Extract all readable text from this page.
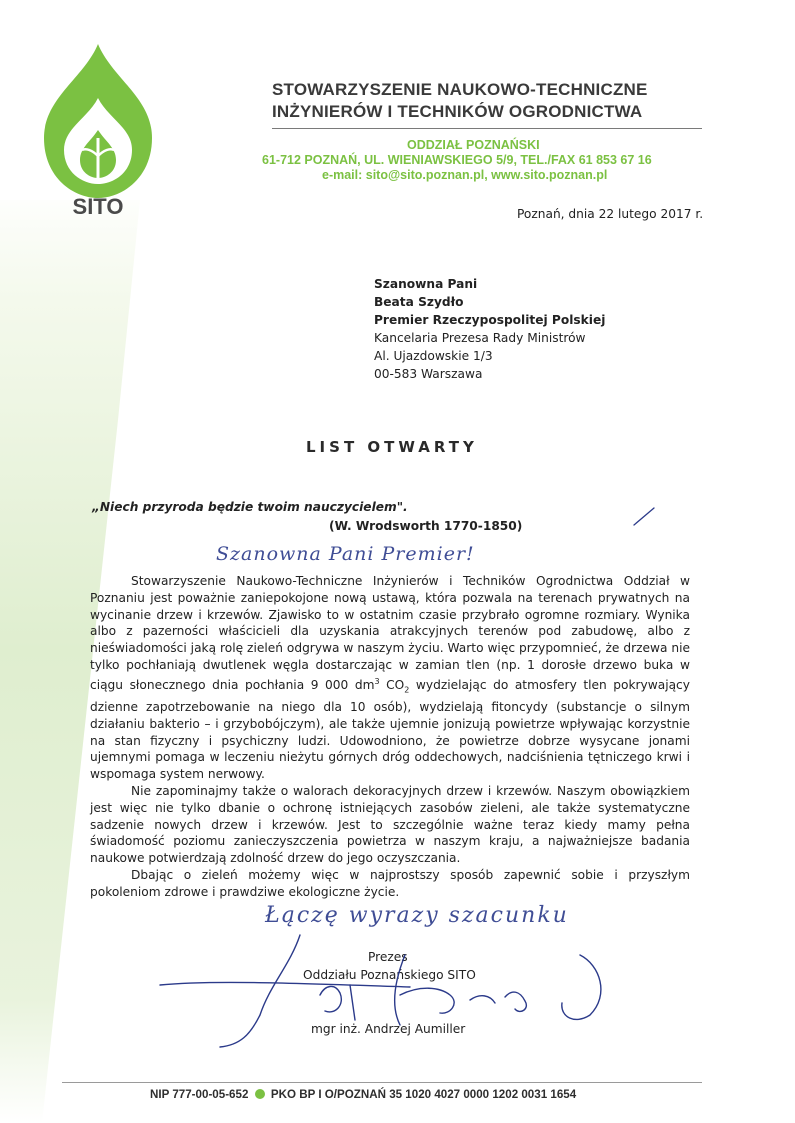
SITO
STOWARZYSZENIE NAUKOWO-TECHNICZNE
INŻYNIERÓW I TECHNIKÓW OGRODNICTWA
ODDZIAŁ POZNAŃSKI
61-712 POZNAŃ, UL. WIENIAWSKIEGO 5/9, TEL./FAX 61 853 67 16
e-mail: sito@sito.poznan.pl, www.sito.poznan.pl
Poznań, dnia 22 lutego 2017 r.
Szanowna Pani
Beata Szydło
Premier Rzeczypospolitej Polskiej
Kancelaria Prezesa Rady Ministrów
Al. Ujazdowskie 1/3
00-583 Warszawa
LIST OTWARTY
„Niech przyroda będzie twoim nauczycielem".
(W. Wrodsworth 1770-1850)
Szanowna Pani Premier!

Stowarzyszenie Naukowo-Techniczne Inżynierów i Techników Ogrodnictwa Oddział w Poznaniu jest poważnie zaniepokojone nową ustawą, która pozwala na terenach prywatnych na wycinanie drzew i krzewów. Zjawisko to w ostatnim czasie przybrało ogromne rozmiary. Wynika albo z pazerności właścicieli dla uzyskania atrakcyjnych terenów pod zabudowę, albo z nieświadomości jaką rolę zieleń odgrywa w naszym życiu. Warto więc przypomnieć, że drzewa nie tylko pochłaniają dwutlenek węgla dostarczając w zamian tlen (np. 1 dorosłe drzewo buka w ciągu słonecznego dnia pochłania 9 000 $dm^3$ $CO_2$ wydzielając do atmosfery tlen pokrywający dzienne zapotrzebowanie na niego dla 10 osób), wydzielają fitoncydy (substancje o silnym działaniu bakterio – i grzybobójczym), ale także ujemnie jonizują powietrze wpływając korzystnie na stan fizyczny i psychiczny ludzi. Udowodniono, że powietrze dobrze wysycane jonami ujemnymi pomaga w leczeniu nieżytu górnych dróg oddechowych, nadciśnienia tętniczego krwi i wspomaga system nerwowy.

Nie zapominajmy także o walorach dekoracyjnych drzew i krzewów. Naszym obowiązkiem jest więc nie tylko dbanie o ochronę istniejących zasobów zieleni, ale także systematyczne sadzenie nowych drzew i krzewów. Jest to szczególnie ważne teraz kiedy mamy pełna świadomość poziomu zanieczyszczenia powietrza w naszym kraju, a najważniejsze badania naukowe potwierdzają zdolność drzew do jego oczyszczania.

Dbając o zieleń możemy więc w najprostszy sposób zapewnić sobie i przyszłym pokoleniom zdrowe i prawdziwe ekologiczne życie.

Łączę wyrazy szacunku
Prezes
Oddziału Poznańskiego SITO
mgr inż. Andrzej Aumiller
NIP 777-00-05-652 PKO BP I O/POZNAŃ 35 1020 4027 0000 1202 0031 1654
